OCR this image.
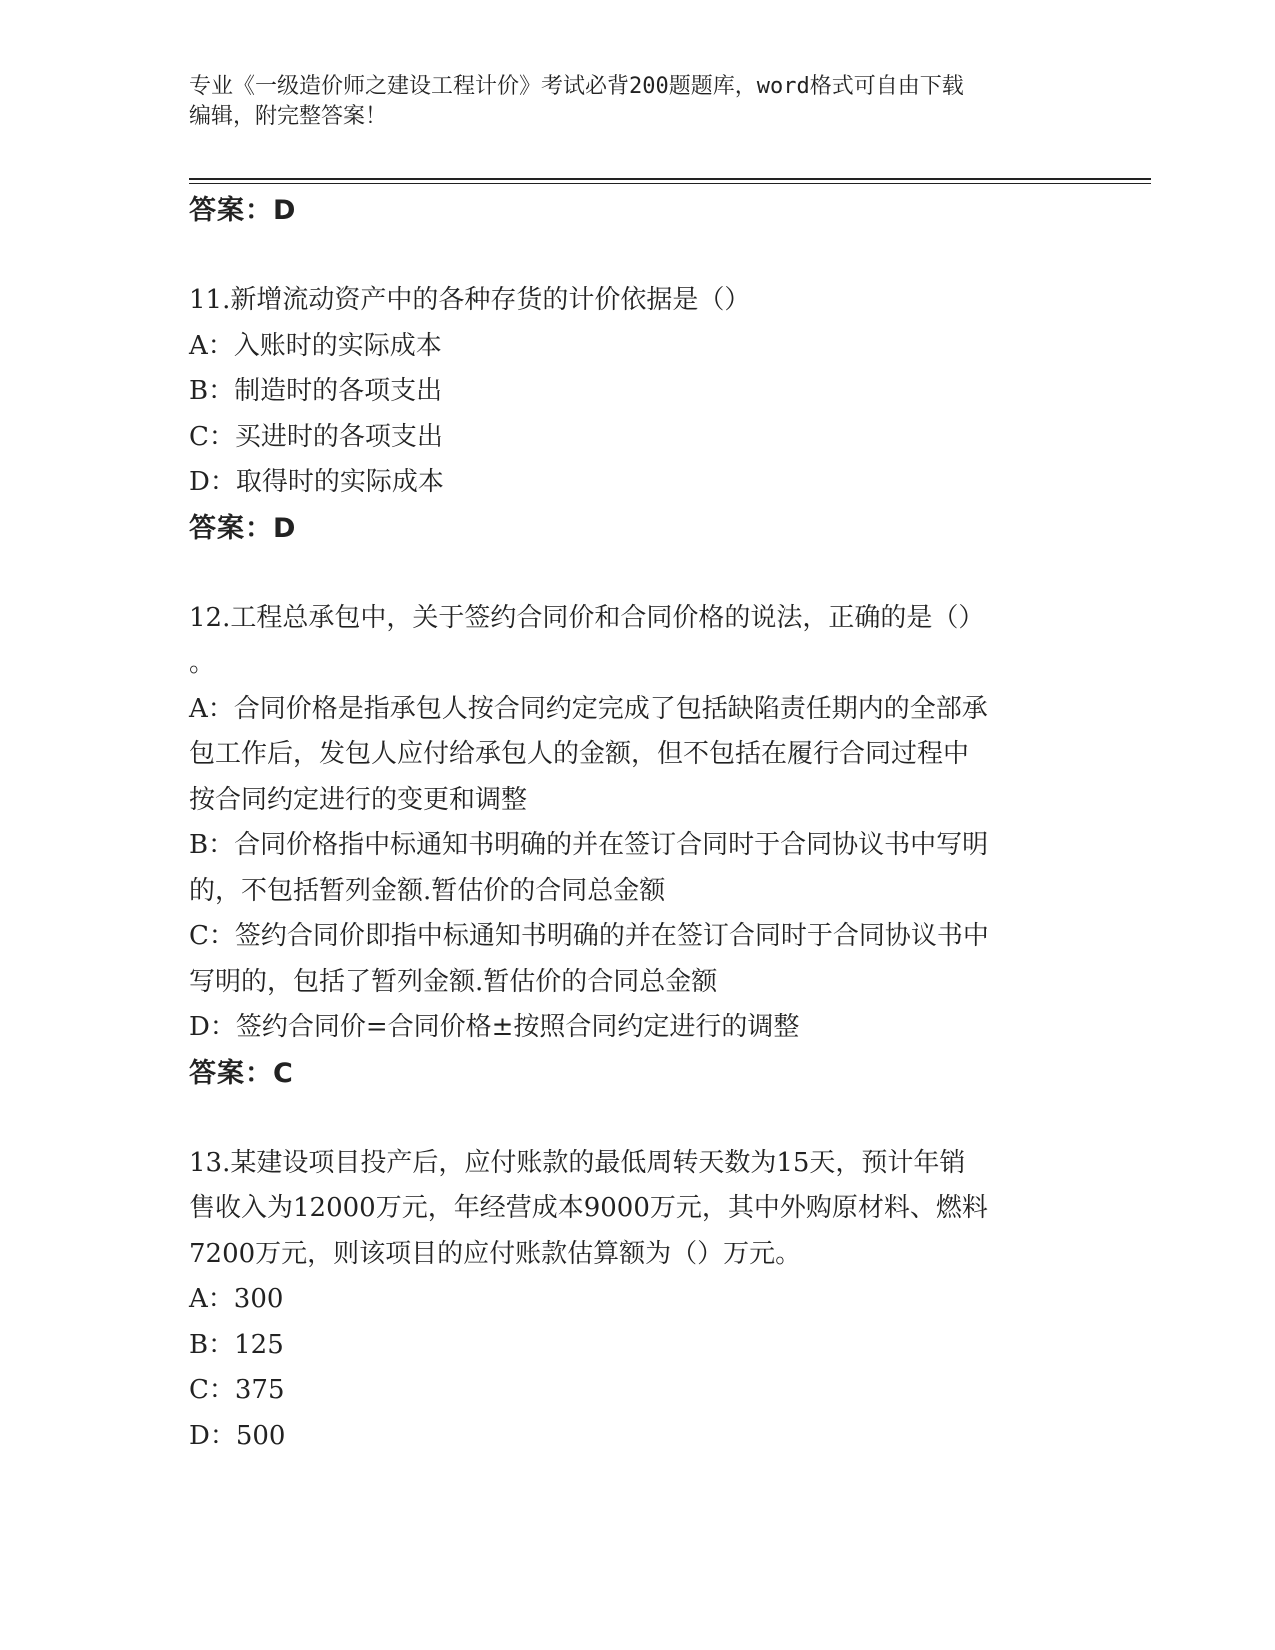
专业《一级造价师之建设工程计价》考试必背200题题库，word格式可自由下载
编辑，附完整答案！
答案：D
11.新增流动资产中的各种存货的计价依据是（）
A：入账时的实际成本
B：制造时的各项支出
C：买进时的各项支出
D：取得时的实际成本
答案：D
12.工程总承包中，关于签约合同价和合同价格的说法，正确的是（）
。
A：合同价格是指承包人按合同约定完成了包括缺陷责任期内的全部承
包工作后，发包人应付给承包人的金额，但不包括在履行合同过程中
按合同约定进行的变更和调整
B：合同价格指中标通知书明确的并在签订合同时于合同协议书中写明
的，不包括暂列金额.暂估价的合同总金额
C：签约合同价即指中标通知书明确的并在签订合同时于合同协议书中
写明的，包括了暂列金额.暂估价的合同总金额
D：签约合同价=合同价格±按照合同约定进行的调整
答案：C
13.某建设项目投产后，应付账款的最低周转天数为15天，预计年销
售收入为12000万元，年经营成本9000万元，其中外购原材料、燃料
7200万元，则该项目的应付账款估算额为（）万元。
A：300
B：125
C：375
D：500
